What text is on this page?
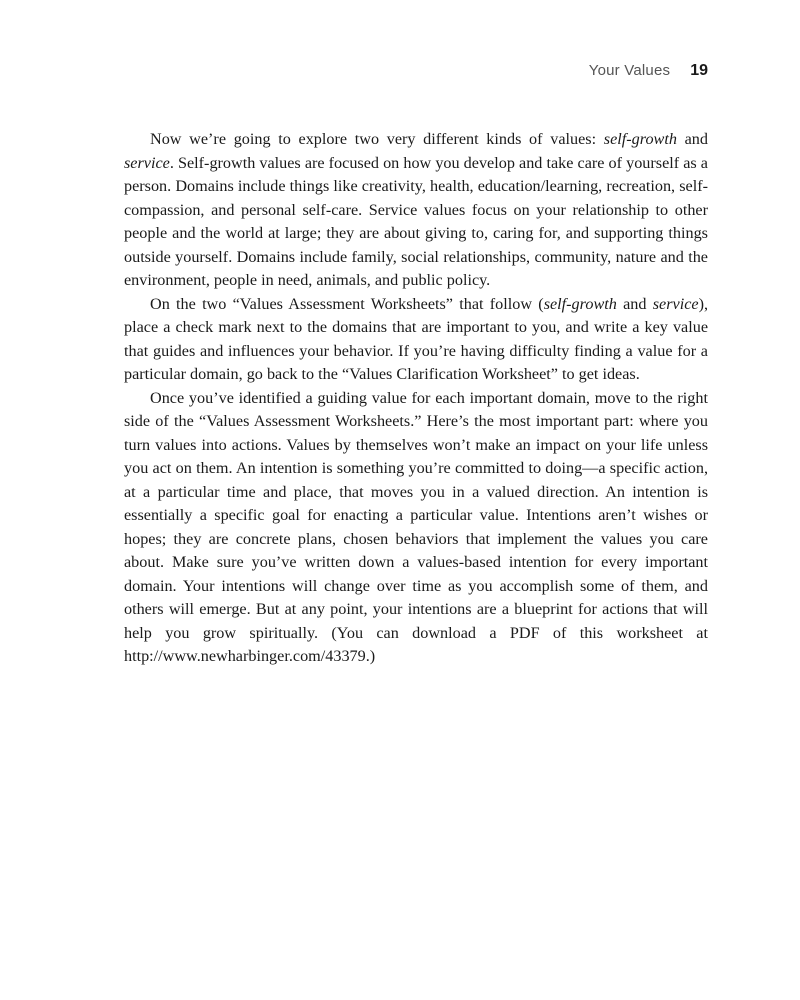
Your Values 19

Now we’re going to explore two very different kinds of values: self-growth and service. Self-growth values are focused on how you develop and take care of yourself as a person. Domains include things like creativity, health, education/learning, recreation, self-compassion, and personal self-care. Service values focus on your relationship to other people and the world at large; they are about giving to, caring for, and supporting things outside yourself. Domains include family, social relationships, community, nature and the environment, people in need, animals, and public policy.

On the two “Values Assessment Worksheets” that follow (self-growth and service), place a check mark next to the domains that are important to you, and write a key value that guides and influences your behavior. If you’re having difficulty finding a value for a particular domain, go back to the “Values Clarification Worksheet” to get ideas.

Once you’ve identified a guiding value for each important domain, move to the right side of the “Values Assessment Worksheets.” Here’s the most important part: where you turn values into actions. Values by themselves won’t make an impact on your life unless you act on them. An intention is something you’re committed to doing—a specific action, at a particular time and place, that moves you in a valued direction. An intention is essentially a specific goal for enacting a particular value. Intentions aren’t wishes or hopes; they are concrete plans, chosen behaviors that implement the values you care about. Make sure you’ve written down a values-based intention for every important domain. Your intentions will change over time as you accomplish some of them, and others will emerge. But at any point, your intentions are a blueprint for actions that will help you grow spiritually. (You can download a PDF of this worksheet at http://www.newharbinger.com/43379.)
